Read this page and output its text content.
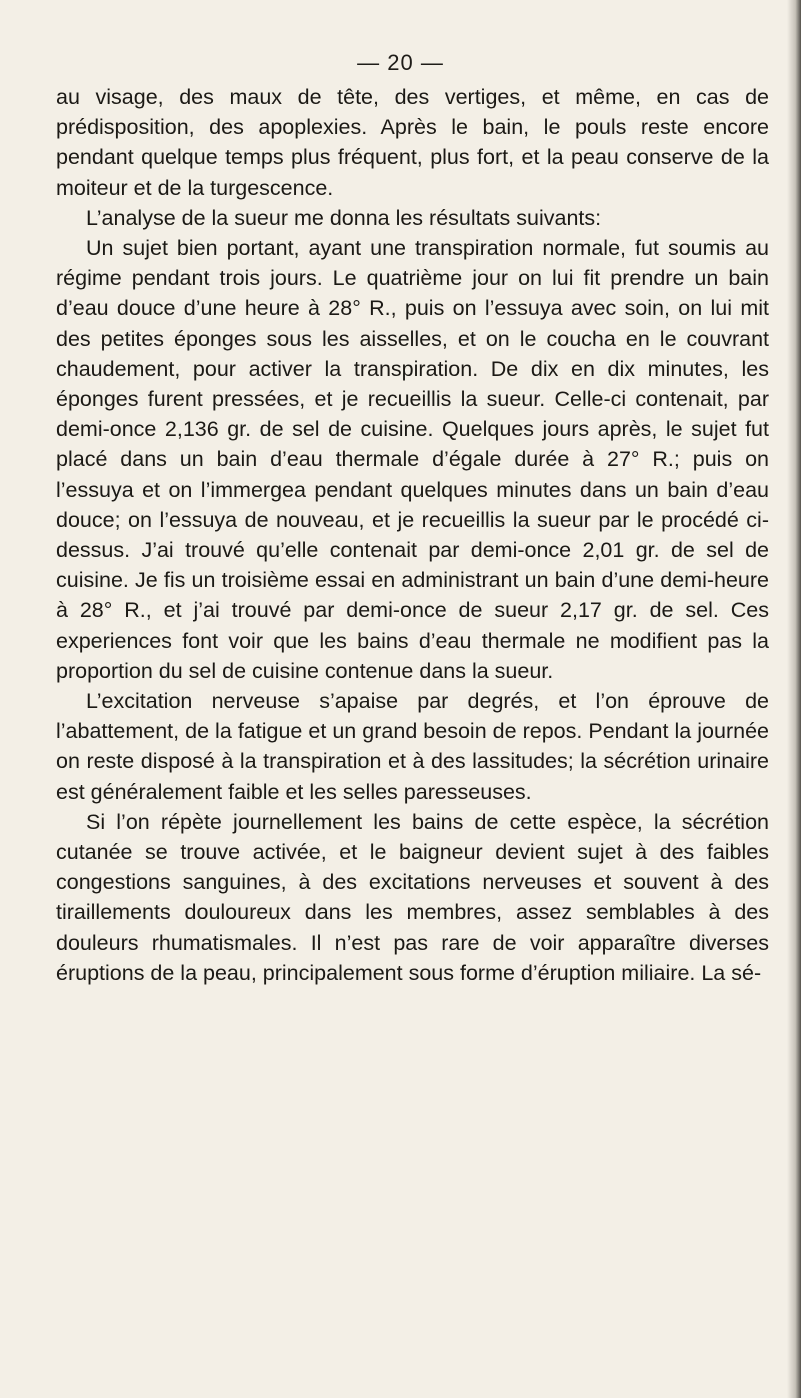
— 20 —

au visage, des maux de tête, des vertiges, et même, en cas de prédisposition, des apoplexies. Après le bain, le pouls reste encore pendant quelque temps plus fréquent, plus fort, et la peau conserve de la moiteur et de la turgescence.

L’analyse de la sueur me donna les résultats suivants:

Un sujet bien portant, ayant une transpiration normale, fut soumis au régime pendant trois jours. Le quatrième jour on lui fit prendre un bain d’eau douce d’une heure à 28° R., puis on l’essuya avec soin, on lui mit des petites éponges sous les aisselles, et on le coucha en le couvrant chaudement, pour activer la transpiration. De dix en dix minutes, les éponges furent pressées, et je recueillis la sueur. Celle-ci contenait, par demi-once 2,136 gr. de sel de cuisine. Quelques jours après, le sujet fut placé dans un bain d’eau thermale d’égale durée à 27° R.; puis on l’essuya et on l’immergea pendant quelques minutes dans un bain d’eau douce; on l’essuya de nouveau, et je recueillis la sueur par le procédé ci-dessus. J’ai trouvé qu’elle contenait par demi-once 2,01 gr. de sel de cuisine. Je fis un troisième essai en administrant un bain d’une demi-heure à 28° R., et j’ai trouvé par demi-once de sueur 2,17 gr. de sel. Ces experiences font voir que les bains d’eau thermale ne modifient pas la proportion du sel de cuisine contenue dans la sueur.

L’excitation nerveuse s’apaise par degrés, et l’on éprouve de l’abattement, de la fatigue et un grand besoin de repos. Pendant la journée on reste disposé à la transpiration et à des lassitudes; la sécrétion urinaire est généralement faible et les selles paresseuses.

Si l’on répète journellement les bains de cette espèce, la sécrétion cutanée se trouve activée, et le baigneur devient sujet à des faibles congestions sanguines, à des excitations nerveuses et souvent à des tiraillements douloureux dans les membres, assez semblables à des douleurs rhumatismales. Il n’est pas rare de voir apparaître diverses éruptions de la peau, principalement sous forme d’éruption miliaire. La sé-
